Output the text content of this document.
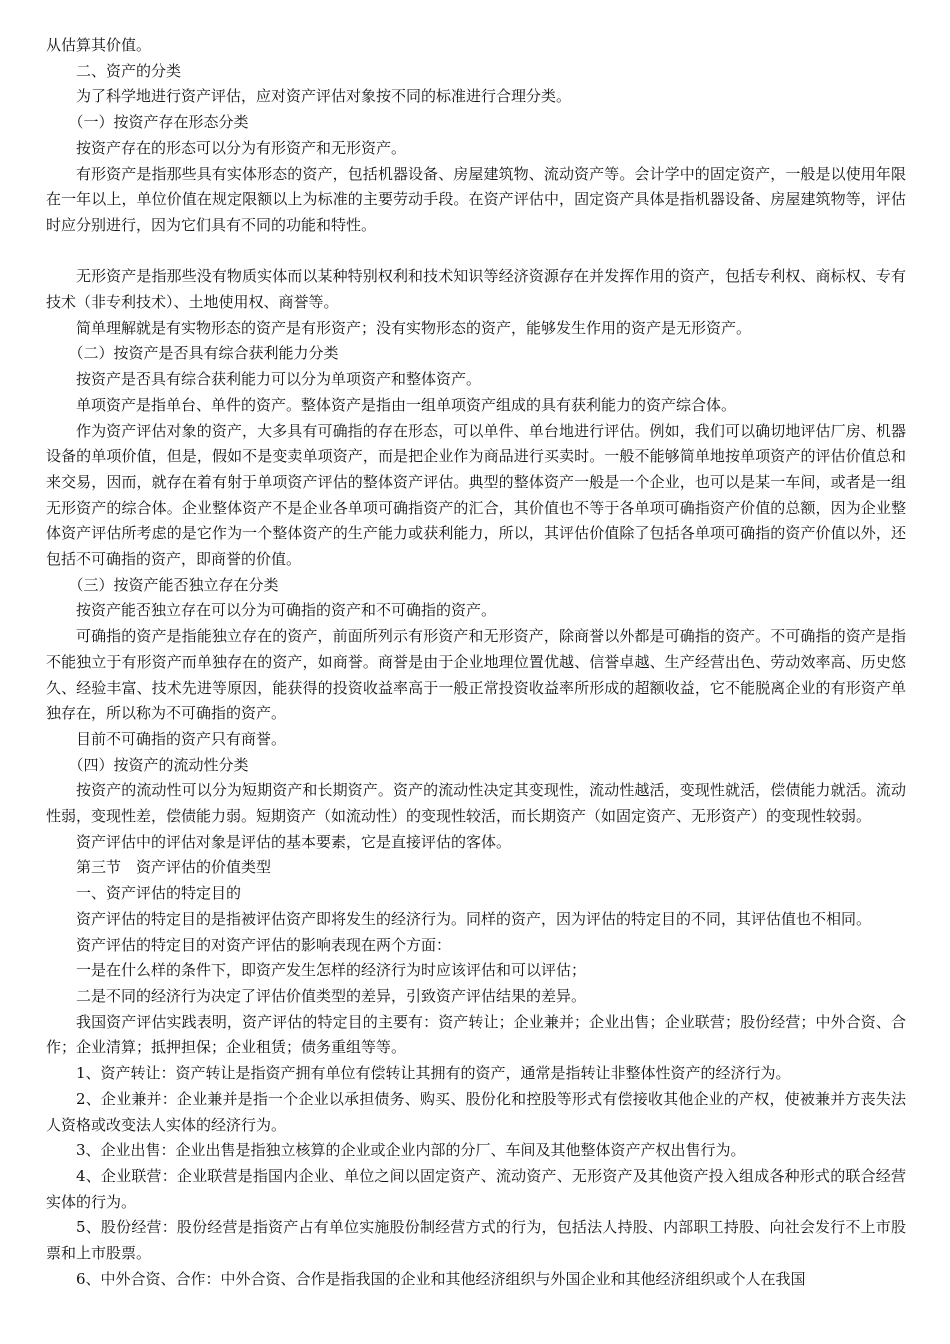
从估算其价值。

二、资产的分类

为了科学地进行资产评估，应对资产评估对象按不同的标准进行合理分类。

（一）按资产存在形态分类

按资产存在的形态可以分为有形资产和无形资产。

有形资产是指那些具有实体形态的资产，包括机器设备、房屋建筑物、流动资产等。会计学中的固定资产，一般是以使用年限在一年以上，单位价值在规定限额以上为标准的主要劳动手段。在资产评估中，固定资产具体是指机器设备、房屋建筑物等，评估时应分别进行，因为它们具有不同的功能和特性。

无形资产是指那些没有物质实体而以某种特别权利和技术知识等经济资源存在并发挥作用的资产，包括专利权、商标权、专有技术（非专利技术）、土地使用权、商誉等。

简单理解就是有实物形态的资产是有形资产；没有实物形态的资产，能够发生作用的资产是无形资产。

（二）按资产是否具有综合获利能力分类

按资产是否具有综合获利能力可以分为单项资产和整体资产。

单项资产是指单台、单件的资产。整体资产是指由一组单项资产组成的具有获利能力的资产综合体。

作为资产评估对象的资产，大多具有可确指的存在形态，可以单件、单台地进行评估。例如，我们可以确切地评估厂房、机器设备的单项价值，但是，假如不是变卖单项资产，而是把企业作为商品进行买卖时。一般不能够简单地按单项资产的评估价值总和来交易，因而，就存在着有射于单项资产评估的整体资产评估。典型的整体资产一般是一个企业，也可以是某一车间，或者是一组无形资产的综合体。企业整体资产不是企业各单项可确指资产的汇合，其价值也不等于各单项可确指资产价值的总额，因为企业整体资产评估所考虑的是它作为一个整体资产的生产能力或获利能力，所以，其评估价值除了包括各单项可确指的资产价值以外，还包括不可确指的资产，即商誉的价值。

（三）按资产能否独立存在分类

按资产能否独立存在可以分为可确指的资产和不可确指的资产。

可确指的资产是指能独立存在的资产，前面所列示有形资产和无形资产，除商誉以外都是可确指的资产。不可确指的资产是指不能独立于有形资产而单独存在的资产，如商誉。商誉是由于企业地理位置优越、信誉卓越、生产经营出色、劳动效率高、历史悠久、经验丰富、技术先进等原因，能获得的投资收益率高于一般正常投资收益率所形成的超额收益，它不能脱离企业的有形资产单独存在，所以称为不可确指的资产。

目前不可确指的资产只有商誉。

（四）按资产的流动性分类

按资产的流动性可以分为短期资产和长期资产。资产的流动性决定其变现性，流动性越活，变现性就活，偿债能力就活。流动性弱，变现性差，偿债能力弱。短期资产（如流动性）的变现性较活，而长期资产（如固定资产、无形资产）的变现性较弱。

资产评估中的评估对象是评估的基本要素，它是直接评估的客体。

第三节　资产评估的价值类型

一、资产评估的特定目的

资产评估的特定目的是指被评估资产即将发生的经济行为。同样的资产，因为评估的特定目的不同，其评估值也不相同。

资产评估的特定目的对资产评估的影响表现在两个方面：

一是在什么样的条件下，即资产发生怎样的经济行为时应该评估和可以评估；

二是不同的经济行为决定了评估价值类型的差异，引致资产评估结果的差异。

我国资产评估实践表明，资产评估的特定目的主要有：资产转让；企业兼并；企业出售；企业联营；股份经营；中外合资、合作；企业清算；抵押担保；企业租赁；债务重组等等。

1、资产转让：资产转让是指资产拥有单位有偿转让其拥有的资产，通常是指转让非整体性资产的经济行为。

2、企业兼并：企业兼并是指一个企业以承担债务、购买、股份化和控股等形式有偿接收其他企业的产权，使被兼并方丧失法人资格或改变法人实体的经济行为。

3、企业出售：企业出售是指独立核算的企业或企业内部的分厂、车间及其他整体资产产权出售行为。

4、企业联营：企业联营是指国内企业、单位之间以固定资产、流动资产、无形资产及其他资产投入组成各种形式的联合经营实体的行为。

5、股份经营：股份经营是指资产占有单位实施股份制经营方式的行为，包括法人持股、内部职工持股、向社会发行不上市股票和上市股票。

6、中外合资、合作：中外合资、合作是指我国的企业和其他经济组织与外国企业和其他经济组织或个人在我国
